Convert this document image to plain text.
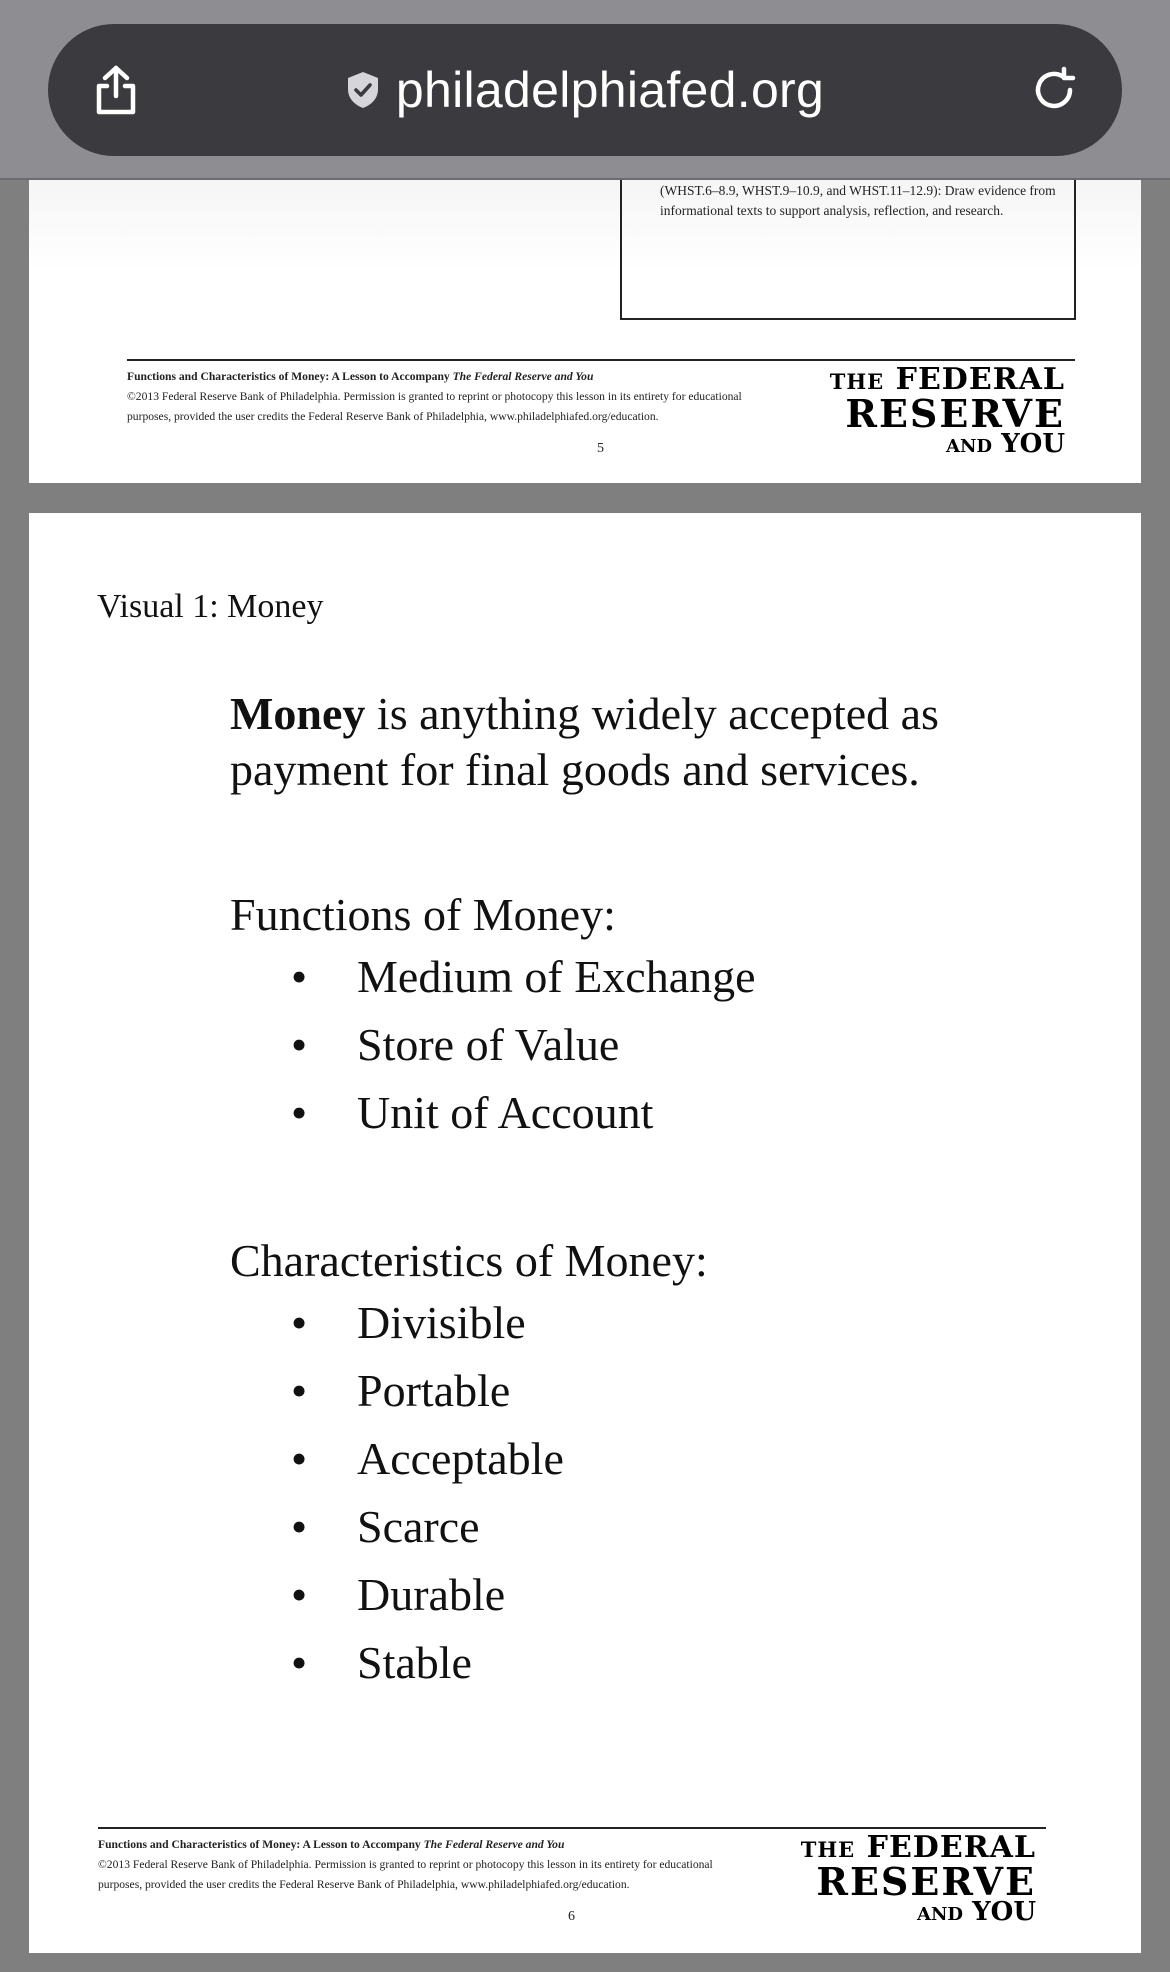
philadelphiafed.org
• (WHST.6–8.9, WHST.9–10.9, and WHST.11–12.9): Draw evidence from informational texts to support analysis, reflection, and research.
Functions and Characteristics of Money: A Lesson to Accompany The Federal Reserve and You
©2013 Federal Reserve Bank of Philadelphia. Permission is granted to reprint or photocopy this lesson in its entirety for educational purposes, provided the user credits the Federal Reserve Bank of Philadelphia, www.philadelphiafed.org/education.
5
THE FEDERAL
RESERVE
AND YOU
Visual 1: Money
Money is anything widely accepted as payment for final goods and services.
Functions of Money:
• Medium of Exchange
• Store of Value
• Unit of Account
Characteristics of Money:
• Divisible
• Portable
• Acceptable
• Scarce
• Durable
• Stable
Functions and Characteristics of Money: A Lesson to Accompany The Federal Reserve and You
©2013 Federal Reserve Bank of Philadelphia. Permission is granted to reprint or photocopy this lesson in its entirety for educational purposes, provided the user credits the Federal Reserve Bank of Philadelphia, www.philadelphiafed.org/education.
6
THE FEDERAL
RESERVE
AND YOU
